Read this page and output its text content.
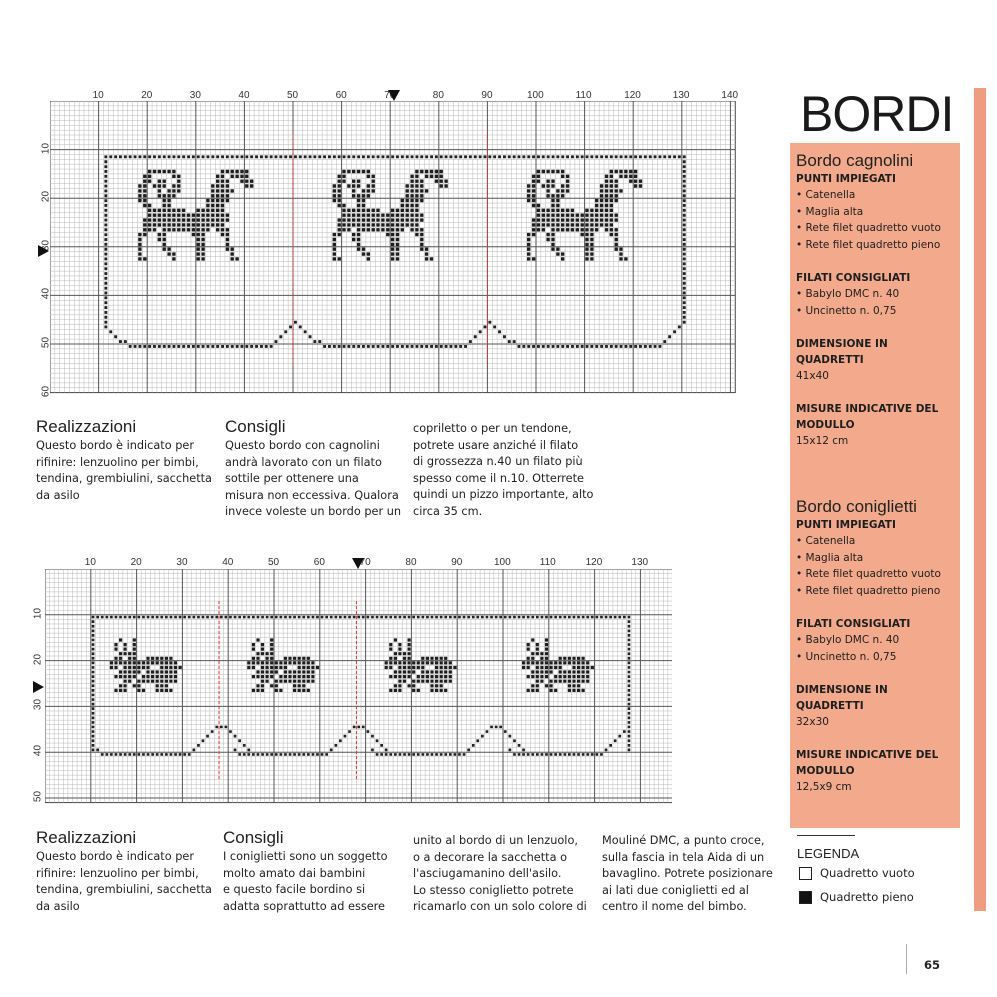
BORDI
10	20	30	40	50	60	70	80	90	100	110	120	130	140
10
20
30
40
50
60
Realizzazioni
Questo bordo è indicato per
rifinire: lenzuolino per bimbi,
tendina, grembiulini, sacchetta
da asilo
Consigli
Questo bordo con cagnolini
andrà lavorato con un filato
sottile per ottenere una
misura non eccessiva. Qualora
invece voleste un bordo per un
copriletto o per un tendone,
potrete usare anziché il filato
di grossezza n.40 un filato più
spesso come il n.10. Otterrete
quindi un pizzo importante, alto
circa 35 cm.
10	20	30	40	50	60	70	80	90	100	110	120	130
10
20
30
40
50
Realizzazioni
Questo bordo è indicato per
rifinire: lenzuolino per bimbi,
tendina, grembiulini, sacchetta
da asilo
Consigli
I coniglietti sono un soggetto
molto amato dai bambini
e questo facile bordino si
adatta soprattutto ad essere
unito al bordo di un lenzuolo,
o a decorare la sacchetta o
l'asciugamanino dell'asilo.
Lo stesso coniglietto potrete
ricamarlo con un solo colore di
Mouliné DMC, a punto croce,
sulla fascia in tela Aida di un
bavaglino. Potrete posizionare
ai lati due coniglietti ed al
centro il nome del bimbo.
Bordo cagnolini
PUNTI IMPIEGATI
• Catenella
• Maglia alta
• Rete filet quadretto vuoto
• Rete filet quadretto pieno
FILATI CONSIGLIATI
• Babylo DMC n. 40
• Uncinetto n. 0,75
DIMENSIONE IN QUADRETTI
41x40
MISURE INDICATIVE DEL MODULLO
15x12 cm
Bordo coniglietti
PUNTI IMPIEGATI
• Catenella
• Maglia alta
• Rete filet quadretto vuoto
• Rete filet quadretto pieno
FILATI CONSIGLIATI
• Babylo DMC n. 40
• Uncinetto n. 0,75
DIMENSIONE IN QUADRETTI
32x30
MISURE INDICATIVE DEL MODULLO
12,5x9 cm
LEGENDA
Quadretto vuoto
Quadretto pieno
65
